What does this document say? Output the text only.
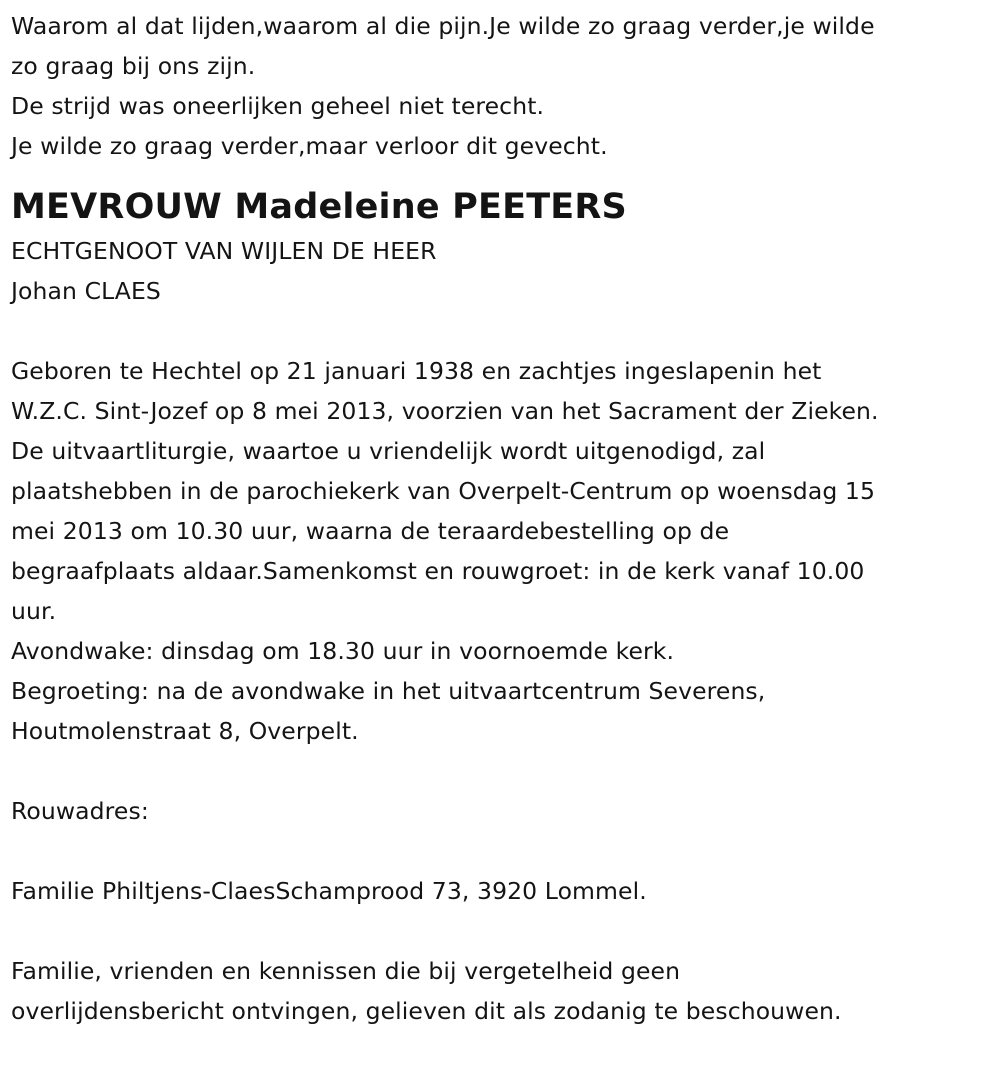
Waarom al dat lijden,waarom al die pijn.Je wilde zo graag verder,je wilde
zo graag bij ons zijn.
De strijd was oneerlijken geheel niet terecht.
Je wilde zo graag verder,maar verloor dit gevecht.
MEVROUW Madeleine PEETERS
ECHTGENOOT VAN WIJLEN DE HEER
Johan CLAES
Geboren te Hechtel op 21 januari 1938 en zachtjes ingeslapenin het
W.Z.C. Sint-Jozef op 8 mei 2013, voorzien van het Sacrament der Zieken.
De uitvaartliturgie, waartoe u vriendelijk wordt uitgenodigd, zal
plaatshebben in de parochiekerk van Overpelt-Centrum op woensdag 15
mei 2013 om 10.30 uur, waarna de teraardebestelling op de
begraafplaats aldaar.Samenkomst en rouwgroet: in de kerk vanaf 10.00
uur.
Avondwake: dinsdag om 18.30 uur in voornoemde kerk.
Begroeting: na de avondwake in het uitvaartcentrum Severens,
Houtmolenstraat 8, Overpelt.
Rouwadres:
Familie Philtjens-ClaesSchamprood 73, 3920 Lommel.
Familie, vrienden en kennissen die bij vergetelheid geen
overlijdensbericht ontvingen, gelieven dit als zodanig te beschouwen.
